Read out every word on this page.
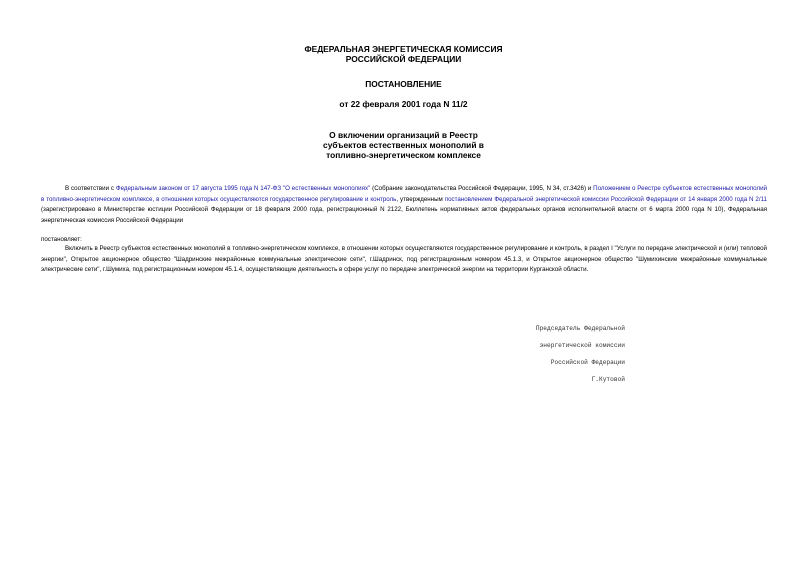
ФЕДЕРАЛЬНАЯ ЭНЕРГЕТИЧЕСКАЯ КОМИССИЯ
РОССИЙСКОЙ ФЕДЕРАЦИИ
ПОСТАНОВЛЕНИЕ
от 22 февраля 2001 года N 11/2
О включении организаций в Реестр
субъектов естественных монополий в
топливно-энергетическом комплексе

В соответствии с Федеральным законом от 17 августа 1995 года N 147-ФЗ "О естественных монополиях" (Собрание законодательства Российской Федерации, 1995, N 34, ст.3426) и Положением о Реестре субъектов естественных монополий в топливно-энергетическом комплексе, в отношении которых осуществляются государственное регулирование и контроль, утвержденным постановлением Федеральной энергетической комиссии Российской Федерации от 14 января 2000 года N 2/11 (зарегистрировано в Министерстве юстиции Российской Федерации от 18 февраля 2000 года, регистрационный N 2122, Бюллетень нормативных актов федеральных органов исполнительной власти от 6 марта 2000 года N 10), Федеральная энергетическая комиссия Российской Федерации

постановляет:

Включить в Реестр субъектов естественных монополий в топливно-энергетическом комплексе, в отношении которых осуществляются государственное регулирование и контроль, в раздел I "Услуги по передаче электрической и (или) тепловой энергии", Открытое акционерное общество "Шадринские межрайонные коммунальные электрические сети", г.Шадринск, под регистрационным номером 45.1.3, и Открытое акционерное общество "Шумихинские межрайонные коммунальные электрические сети", г.Шумиха, под регистрационным номером 45.1.4, осуществляющие деятельность в сфере услуг по передаче электрической энергии на территории Курганской области.

Председатель Федеральной

энергетической комиссии

Российской Федерации

Г.Кутовой
